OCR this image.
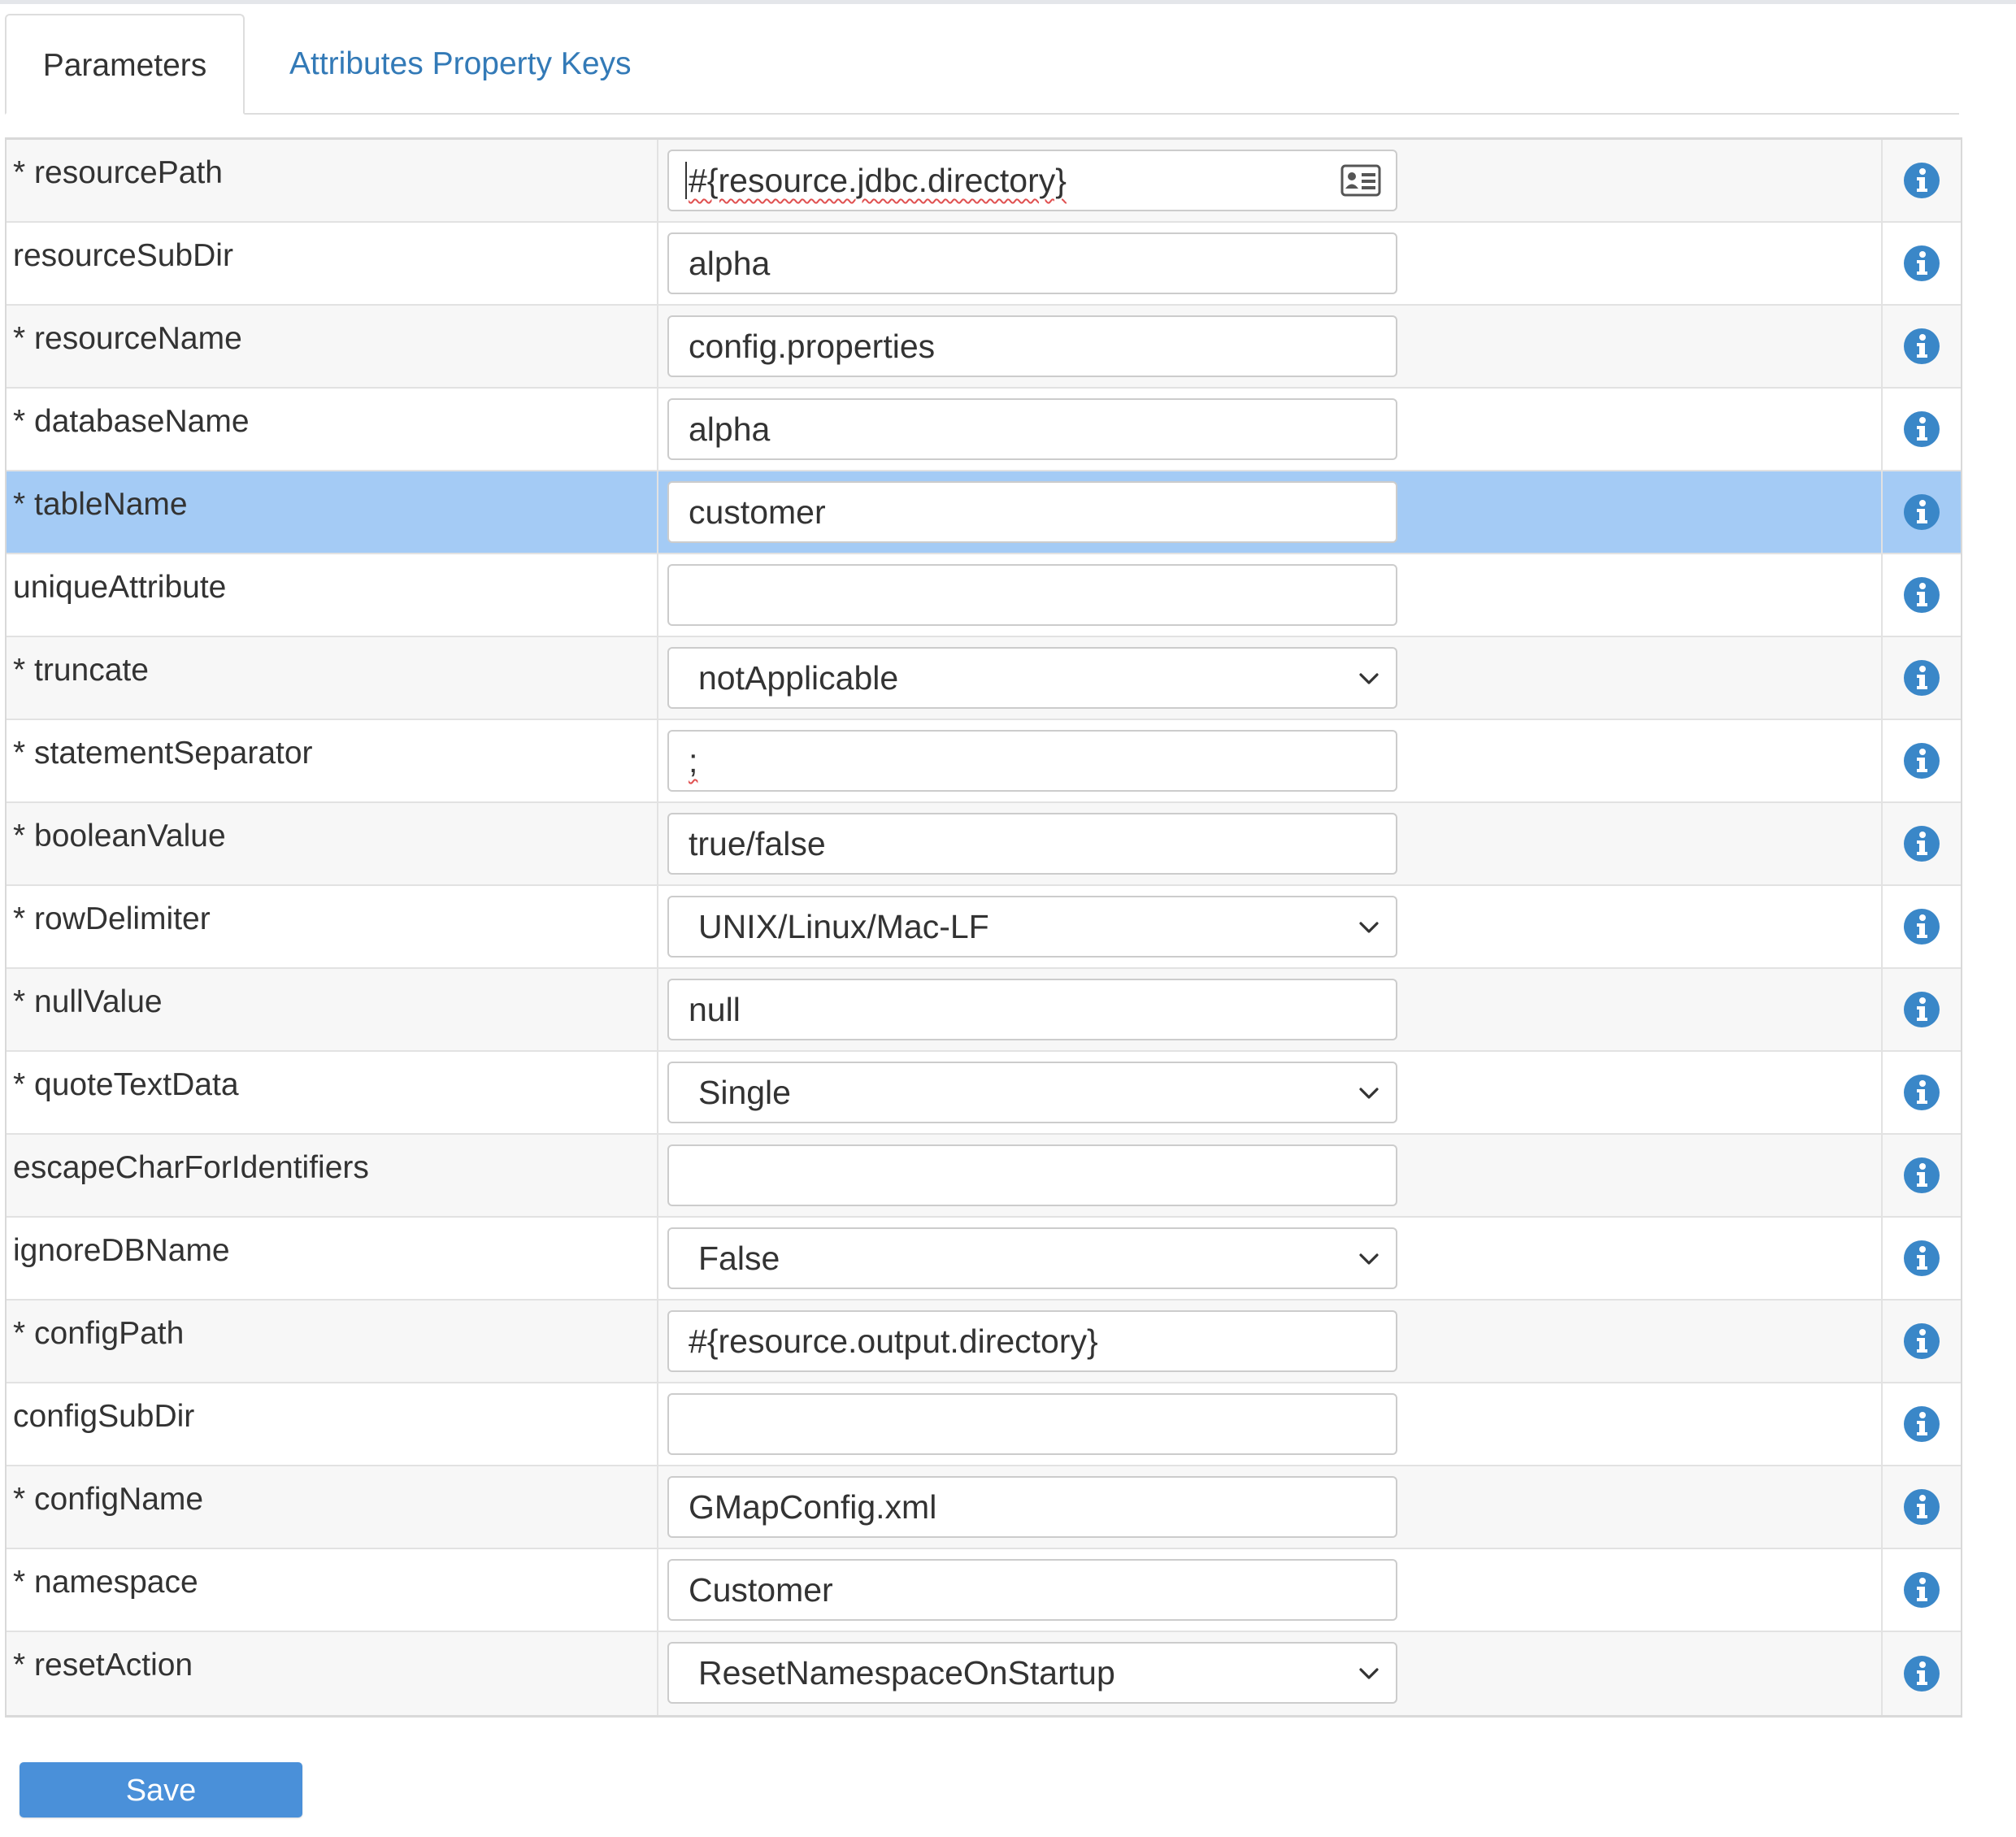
Parameters	Attributes Property Keys
* resourcePath	#{resource.jdbc.directory}
resourceSubDir	alpha
* resourceName	config.properties
* databaseName	alpha
* tableName	customer
uniqueAttribute
* truncate	notApplicable
* statementSeparator	;
* booleanValue	true/false
* rowDelimiter	UNIX/Linux/Mac-LF
* nullValue	null
* quoteTextData	Single
escapeCharForIdentifiers
ignoreDBName	False
* configPath	#{resource.output.directory}
configSubDir
* configName	GMapConfig.xml
* namespace	Customer
* resetAction	ResetNamespaceOnStartup
Save
